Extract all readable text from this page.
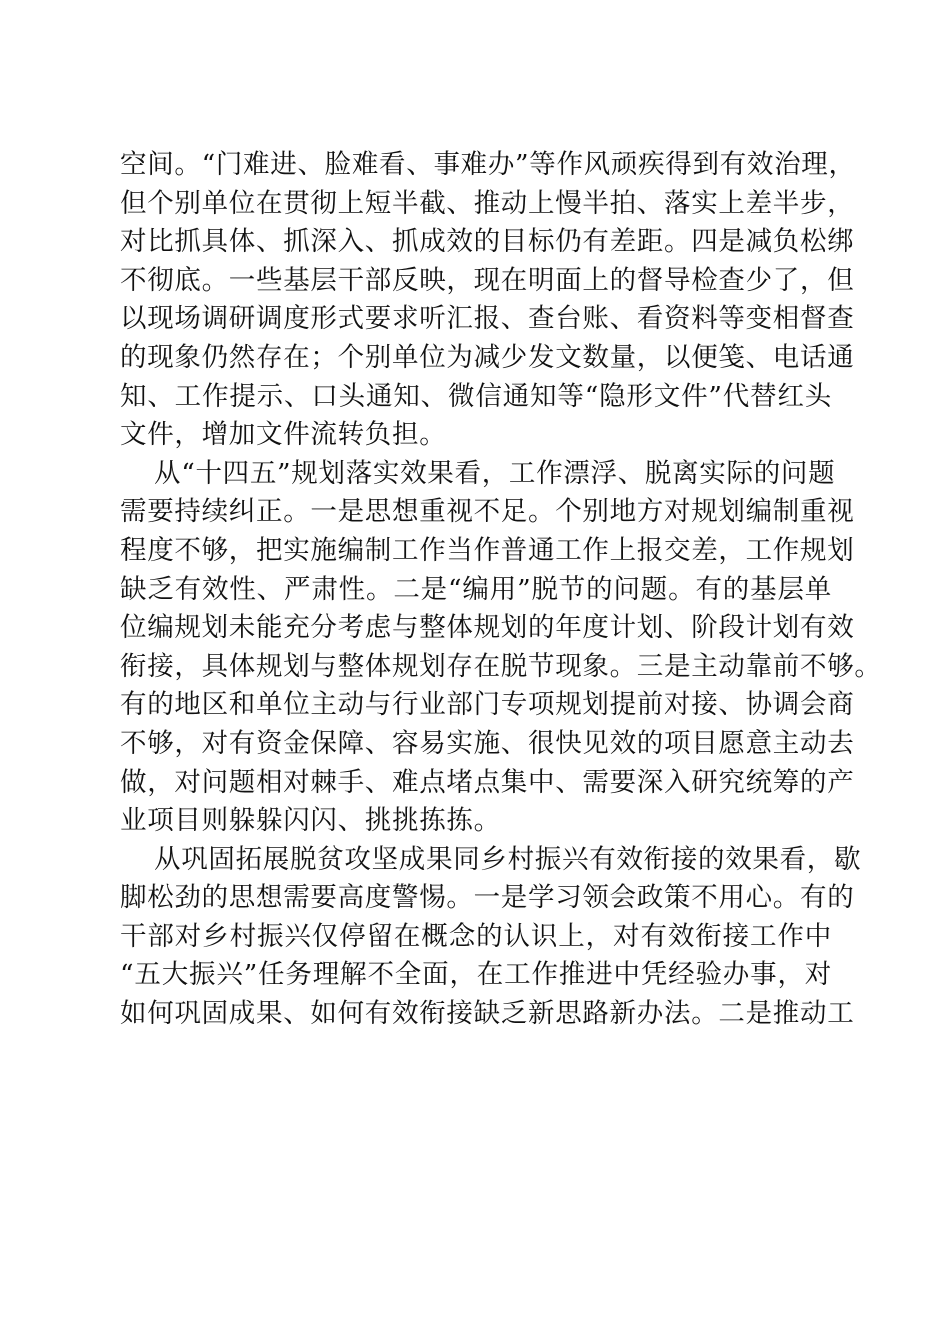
空间。“门难进、脸难看、事难办”等作风顽疾得到有效治理，
但个别单位在贯彻上短半截、推动上慢半拍、落实上差半步，
对比抓具体、抓深入、抓成效的目标仍有差距。四是减负松绑
不彻底。一些基层干部反映，现在明面上的督导检查少了，但
以现场调研调度形式要求听汇报、查台账、看资料等变相督查
的现象仍然存在；个别单位为减少发文数量，以便笺、电话通
知、工作提示、口头通知、微信通知等“隐形文件”代替红头
文件，增加文件流转负担。
从“十四五”规划落实效果看，工作漂浮、脱离实际的问题
需要持续纠正。一是思想重视不足。个别地方对规划编制重视
程度不够，把实施编制工作当作普通工作上报交差，工作规划
缺乏有效性、严肃性。二是“编用”脱节的问题。有的基层单
位编规划未能充分考虑与整体规划的年度计划、阶段计划有效
衔接，具体规划与整体规划存在脱节现象。三是主动靠前不够。
有的地区和单位主动与行业部门专项规划提前对接、协调会商
不够，对有资金保障、容易实施、很快见效的项目愿意主动去
做，对问题相对棘手、难点堵点集中、需要深入研究统筹的产
业项目则躲躲闪闪、挑挑拣拣。
从巩固拓展脱贫攻坚成果同乡村振兴有效衔接的效果看，歇
脚松劲的思想需要高度警惕。一是学习领会政策不用心。有的
干部对乡村振兴仅停留在概念的认识上，对有效衔接工作中
“五大振兴”任务理解不全面，在工作推进中凭经验办事，对
如何巩固成果、如何有效衔接缺乏新思路新办法。二是推动工
